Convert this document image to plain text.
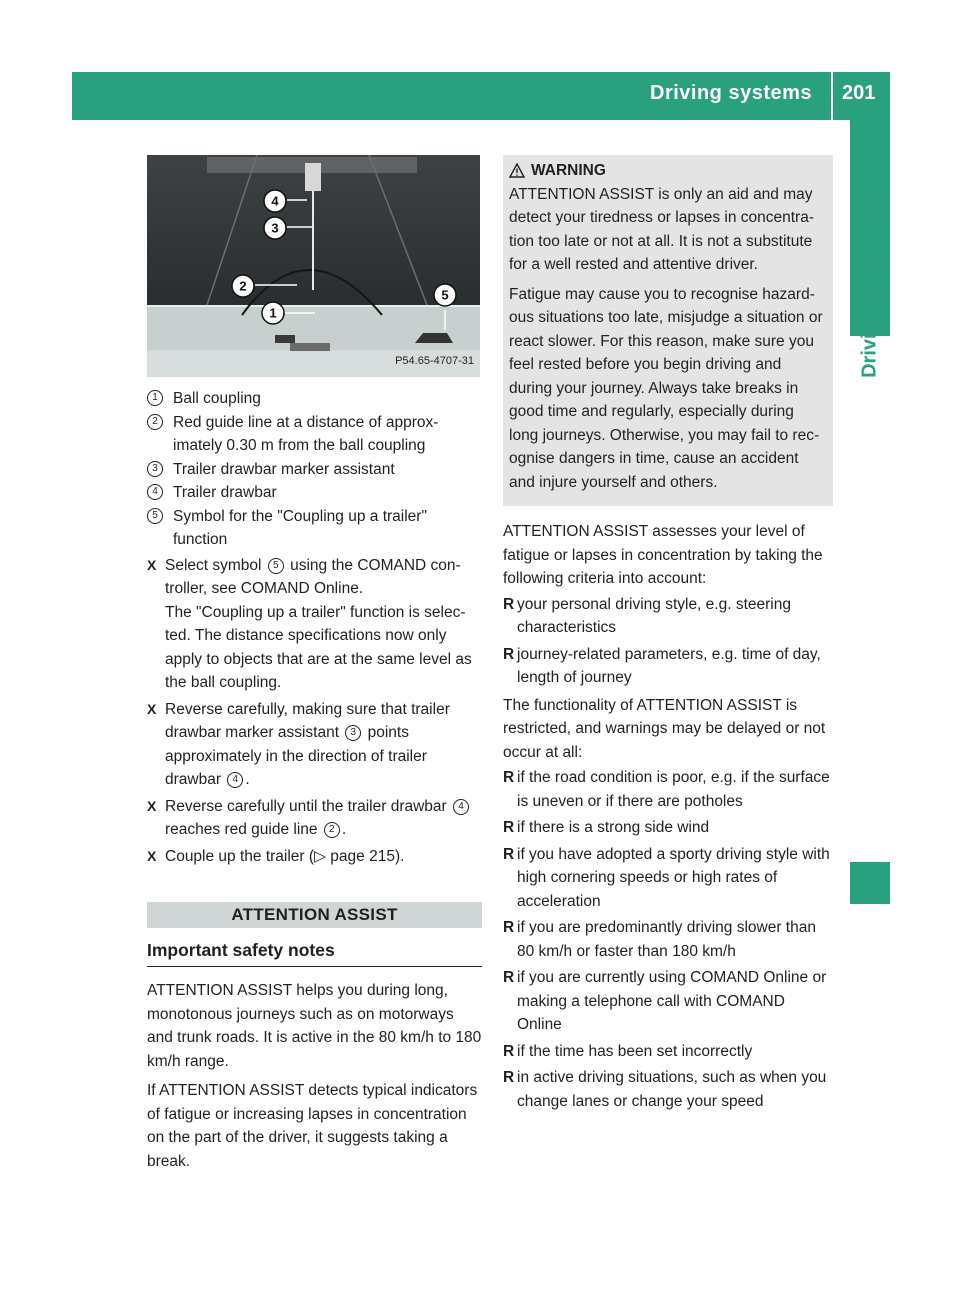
Driving systems 201
Driving and parking
4
3
2
1
5
P54.65-4707-31
1 Ball coupling
2 Red guide line at a distance of approximately 0.30 m from the ball coupling
3 Trailer drawbar marker assistant
4 Trailer drawbar
5 Symbol for the "Coupling up a trailer" function
X Select symbol 5 using the COMAND controller, see COMAND Online.
The "Coupling up a trailer" function is selected. The distance specifications now only apply to objects that are at the same level as the ball coupling.
X Reverse carefully, making sure that trailer drawbar marker assistant 3 points approximately in the direction of trailer drawbar 4 .
X Reverse carefully until the trailer drawbar 4 reaches red guide line 2 .
X Couple up the trailer (▷ page 215).
ATTENTION ASSIST
Important safety notes

ATTENTION ASSIST helps you during long, monotonous journeys such as on motorways and trunk roads. It is active in the 80 km/h to 180 km/h range.

If ATTENTION ASSIST detects typical indicators of fatigue or increasing lapses in concentration on the part of the driver, it suggests taking a break.

WARNING

ATTENTION ASSIST is only an aid and may detect your tiredness or lapses in concentration too late or not at all. It is not a substitute for a well rested and attentive driver.

Fatigue may cause you to recognise hazardous situations too late, misjudge a situation or react slower. For this reason, make sure you feel rested before you begin driving and during your journey. Always take breaks in good time and regularly, especially during long journeys. Otherwise, you may fail to recognise dangers in time, cause an accident and injure yourself and others.

ATTENTION ASSIST assesses your level of fatigue or lapses in concentration by taking the following criteria into account:

R your personal driving style, e.g. steering characteristics
R journey-related parameters, e.g. time of day, length of journey

The functionality of ATTENTION ASSIST is restricted, and warnings may be delayed or not occur at all:

R if the road condition is poor, e.g. if the surface is uneven or if there are potholes
R if there is a strong side wind
R if you have adopted a sporty driving style with high cornering speeds or high rates of acceleration
R if you are predominantly driving slower than 80 km/h or faster than 180 km/h
R if you are currently using COMAND Online or making a telephone call with COMAND Online
R if the time has been set incorrectly
R in active driving situations, such as when you change lanes or change your speed
